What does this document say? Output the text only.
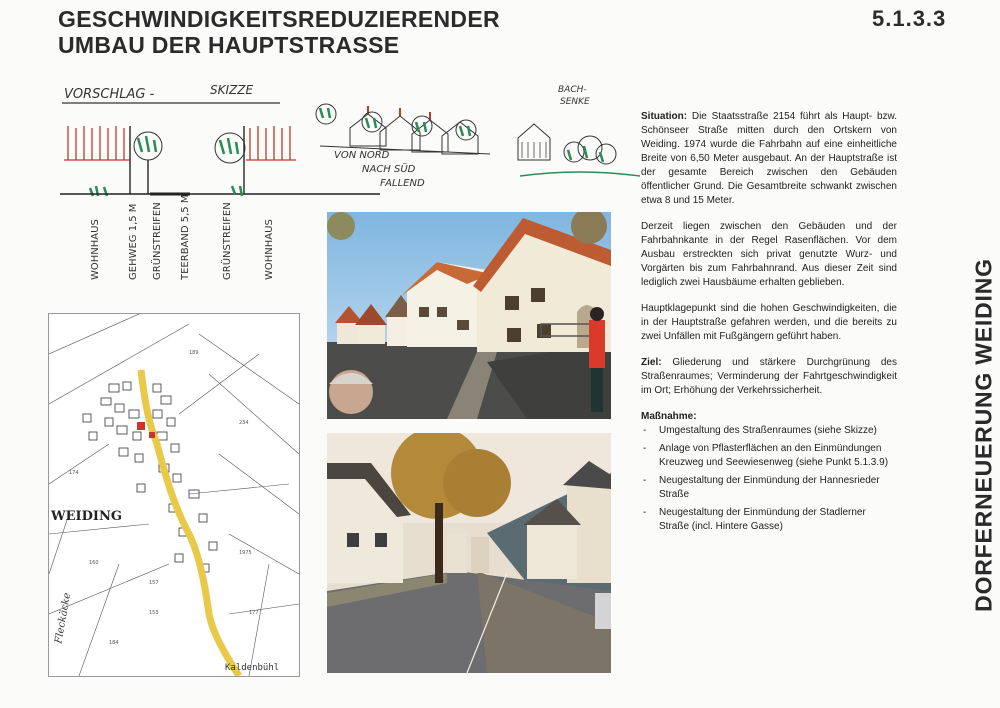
GESCHWINDIGKEITSREDUZIERENDER
UMBAU DER HAUPTSTRASSE
5.1.3.3
DORFERNEUERUNG WEIDING
VORSCHLAG -	SKIZZE
WOHNHAUS	GEHWEG 1,5 M GRÜNSTREIFEN TEERBAND 5,5 M	GRÜNSTREIFEN	WOHNHAUS
VON NORD
NACH SÜD
FALLEND
BACH-
SENKE
WEIDING
Fleckäcke
Kaldenbühl
189
234
160
157
177
184
1975
174
153

Situation: Die Staatsstraße 2154 führt als Haupt- bzw. Schönseer Straße mitten durch den Ortskern von Weiding. 1974 wurde die Fahrbahn auf eine einheitliche Breite von 6,50 Meter ausgebaut. An der Hauptstraße ist der gesamte Bereich zwischen den Gebäuden öffentlicher Grund. Die Gesamtbreite schwankt zwischen etwa 8 und 15 Meter.

Derzeit liegen zwischen den Gebäuden und der Fahrbahnkante in der Regel Rasenflächen. Vor dem Ausbau erstreckten sich privat genutzte Wurz- und Vorgärten bis zum Fahrbahnrand. Aus dieser Zeit sind lediglich zwei Hausbäume erhalten geblieben.

Hauptklagepunkt sind die hohen Geschwindigkeiten, die in der Hauptstraße gefahren werden, und die bereits zu zwei Unfällen mit Fußgängern geführt haben.

Ziel: Gliederung und stärkere Durchgrünung des Straßenraumes; Verminderung der Fahrtgeschwindigkeit im Ort; Erhöhung der Verkehrssicherheit.

Maßnahme:
- Umgestaltung des Straßenraumes (siehe Skizze)
- Anlage von Pflasterflächen an den Einmündungen Kreuzweg und Seewiesenweg (siehe Punkt 5.1.3.9)
- Neugestaltung der Einmündung der Hannesrieder Straße
- Neugestaltung der Einmündung der Stadlerner Straße (incl. Hintere Gasse)
